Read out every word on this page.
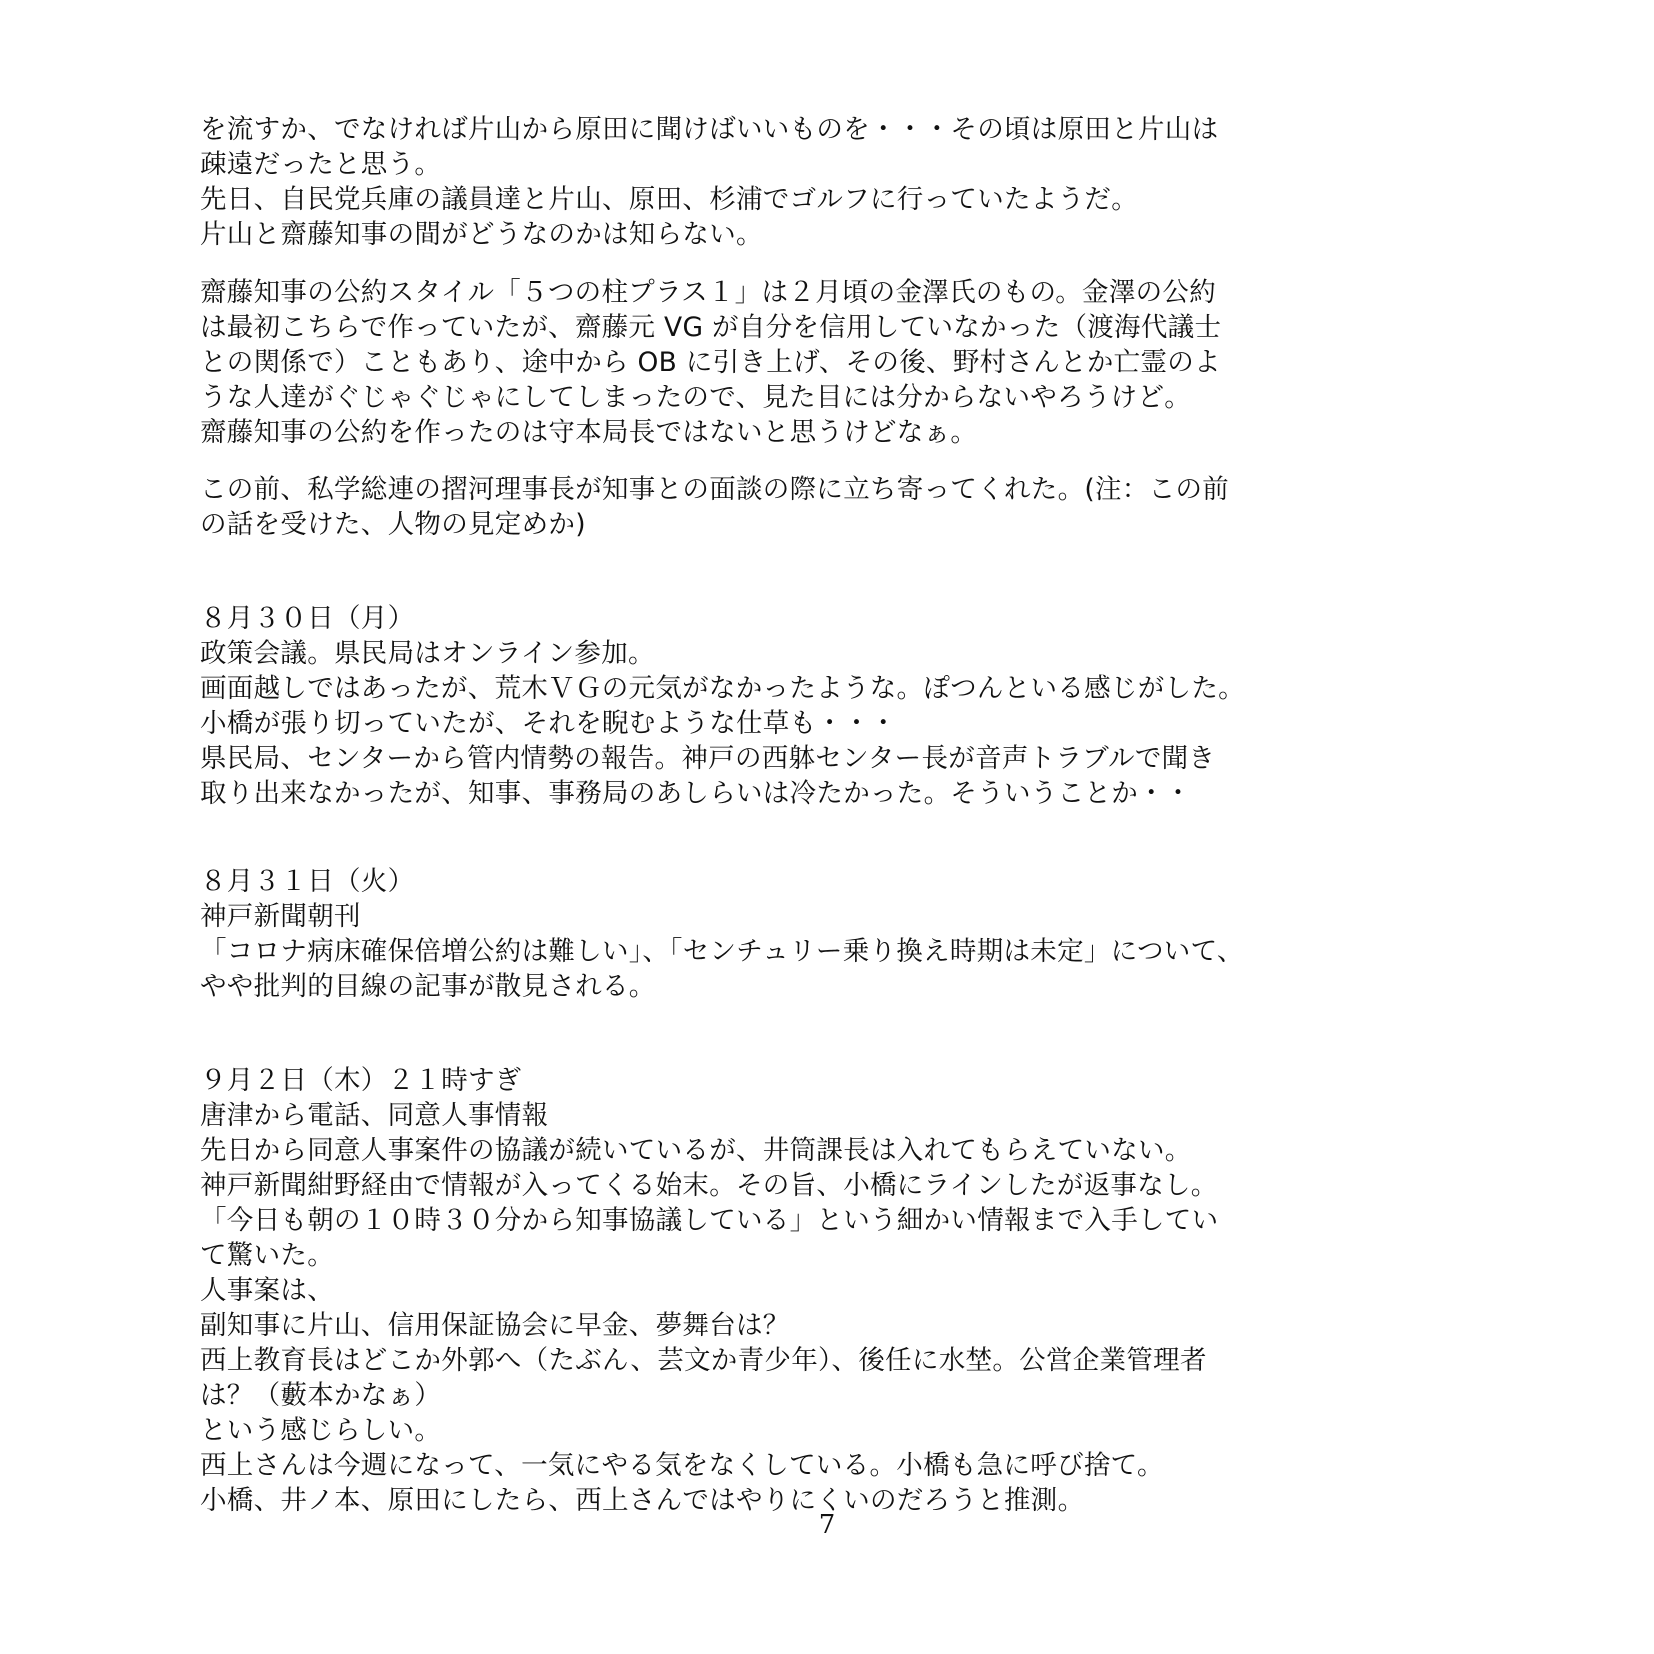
を流すか、でなければ片山から原田に聞けばいいものを・・・その頃は原田と片山は
疎遠だったと思う。
先日、自民党兵庫の議員達と片山、原田、杉浦でゴルフに行っていたようだ。
片山と齋藤知事の間がどうなのかは知らない。
齋藤知事の公約スタイル「５つの柱プラス１」は２月頃の金澤氏のもの。金澤の公約
は最初こちらで作っていたが、齋藤元 VG が自分を信用していなかった（渡海代議士
との関係で）こともあり、途中から OB に引き上げ、その後、野村さんとか亡霊のよ
うな人達がぐじゃぐじゃにしてしまったので、見た目には分からないやろうけど。
齋藤知事の公約を作ったのは守本局長ではないと思うけどなぁ。
この前、私学総連の摺河理事長が知事との面談の際に立ち寄ってくれた。(注：この前
の話を受けた、人物の見定めか)
８月３０日（月）
政策会議。県民局はオンライン参加。
画面越しではあったが、荒木ＶＧの元気がなかったような。ぽつんといる感じがした。
小橋が張り切っていたが、それを睨むような仕草も・・・
県民局、センターから管内情勢の報告。神戸の西躰センター長が音声トラブルで聞き
取り出来なかったが、知事、事務局のあしらいは冷たかった。そういうことか・・
８月３１日（火）
神戸新聞朝刊
「コロナ病床確保倍増公約は難しい」、「センチュリー乗り換え時期は未定」について、
やや批判的目線の記事が散見される。
９月２日（木）２１時すぎ
唐津から電話、同意人事情報
先日から同意人事案件の協議が続いているが、井筒課長は入れてもらえていない。
神戸新聞紺野経由で情報が入ってくる始末。その旨、小橋にラインしたが返事なし。
「今日も朝の１０時３０分から知事協議している」という細かい情報まで入手してい
て驚いた。
人事案は、
副知事に片山、信用保証協会に早金、夢舞台は？
西上教育長はどこか外郭へ（たぶん、芸文か青少年）、後任に水埜。公営企業管理者
は？（藪本かなぁ）
という感じらしい。
西上さんは今週になって、一気にやる気をなくしている。小橋も急に呼び捨て。
小橋、井ノ本、原田にしたら、西上さんではやりにくいのだろうと推測。
7
